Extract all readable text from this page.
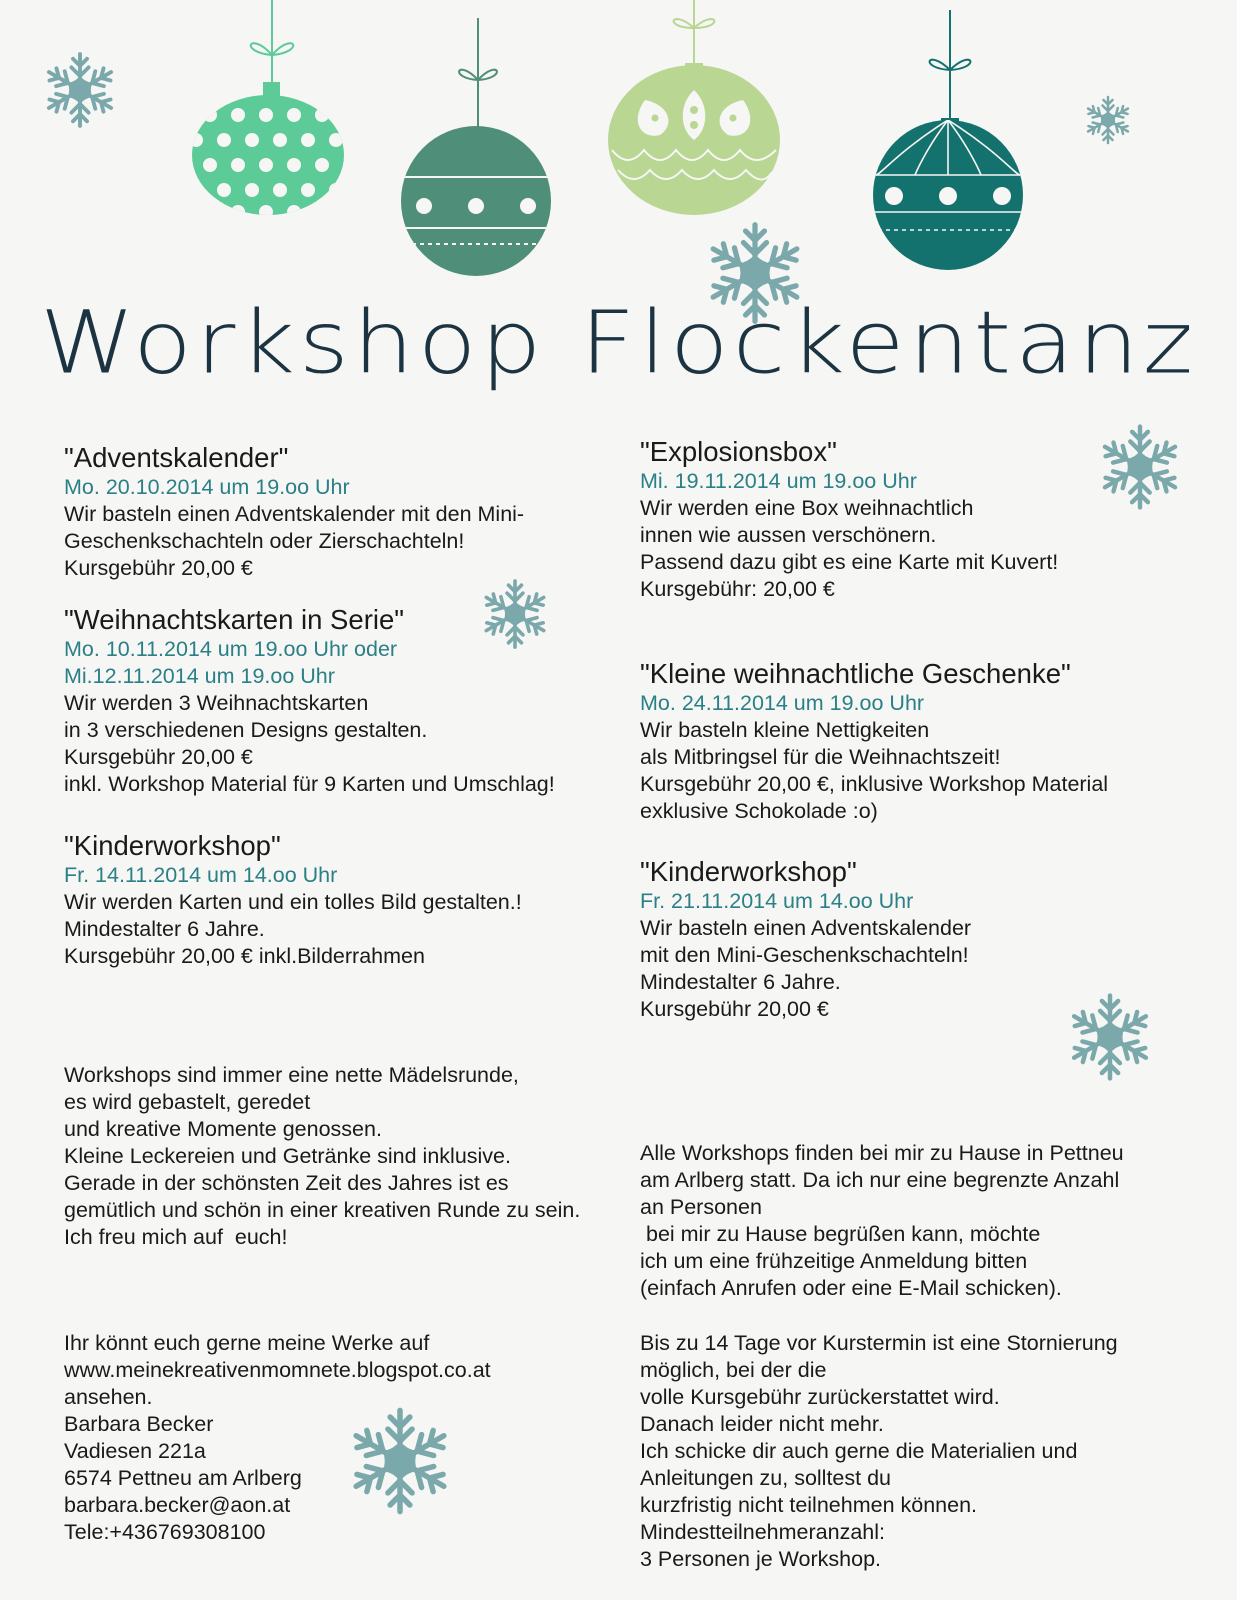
Workshop Flockentanz
"Adventskalender"
Mo. 20.10.2014 um 19.oo Uhr
Wir basteln einen Adventskalender mit den Mini-
Geschenkschachteln oder Zierschachteln!
Kursgebühr 20,00 €
"Weihnachtskarten in Serie"
Mo. 10.11.2014 um 19.oo Uhr oder
Mi.12.11.2014 um 19.oo Uhr
Wir werden 3 Weihnachtskarten
in 3 verschiedenen Designs gestalten.
Kursgebühr 20,00 €
inkl. Workshop Material für 9 Karten und Umschlag!
"Kinderworkshop"
Fr. 14.11.2014 um 14.oo Uhr
Wir werden Karten und ein tolles Bild gestalten.!
Mindestalter 6 Jahre.
Kursgebühr 20,00 € inkl.Bilderrahmen
"Explosionsbox"
Mi. 19.11.2014 um 19.oo Uhr
Wir werden eine Box weihnachtlich
innen wie aussen verschönern.
Passend dazu gibt es eine Karte mit Kuvert!
Kursgebühr: 20,00 €
"Kleine weihnachtliche Geschenke"
Mo. 24.11.2014 um 19.oo Uhr
Wir basteln kleine Nettigkeiten
als Mitbringsel für die Weihnachtszeit!
Kursgebühr 20,00 €, inklusive Workshop Material
exklusive Schokolade :o)
"Kinderworkshop"
Fr. 21.11.2014 um 14.oo Uhr
Wir basteln einen Adventskalender
mit den Mini-Geschenkschachteln!
Mindestalter 6 Jahre.
Kursgebühr 20,00 €
Workshops sind immer eine nette Mädelsrunde,
es wird gebastelt, geredet
und kreative Momente genossen.
Kleine Leckereien und Getränke sind inklusive.
Gerade in der schönsten Zeit des Jahres ist es
gemütlich und schön in einer kreativen Runde zu sein.
Ich freu mich auf  euch!
Alle Workshops finden bei mir zu Hause in Pettneu
am Arlberg statt. Da ich nur eine begrenzte Anzahl
an Personen
bei mir zu Hause begrüßen kann, möchte
ich um eine frühzeitige Anmeldung bitten
(einfach Anrufen oder eine E-Mail schicken).
Ihr könnt euch gerne meine Werke auf
www.meinekreativenmomnete.blogspot.co.at
ansehen.
Barbara Becker
Vadiesen 221a
6574 Pettneu am Arlberg
barbara.becker@aon.at
Tele:+436769308100
Bis zu 14 Tage vor Kurstermin ist eine Stornierung
möglich, bei der die
volle Kursgebühr zurückerstattet wird.
Danach leider nicht mehr.
Ich schicke dir auch gerne die Materialien und
Anleitungen zu, solltest du
kurzfristig nicht teilnehmen können.
Mindestteilnehmeranzahl:
3 Personen je Workshop.
